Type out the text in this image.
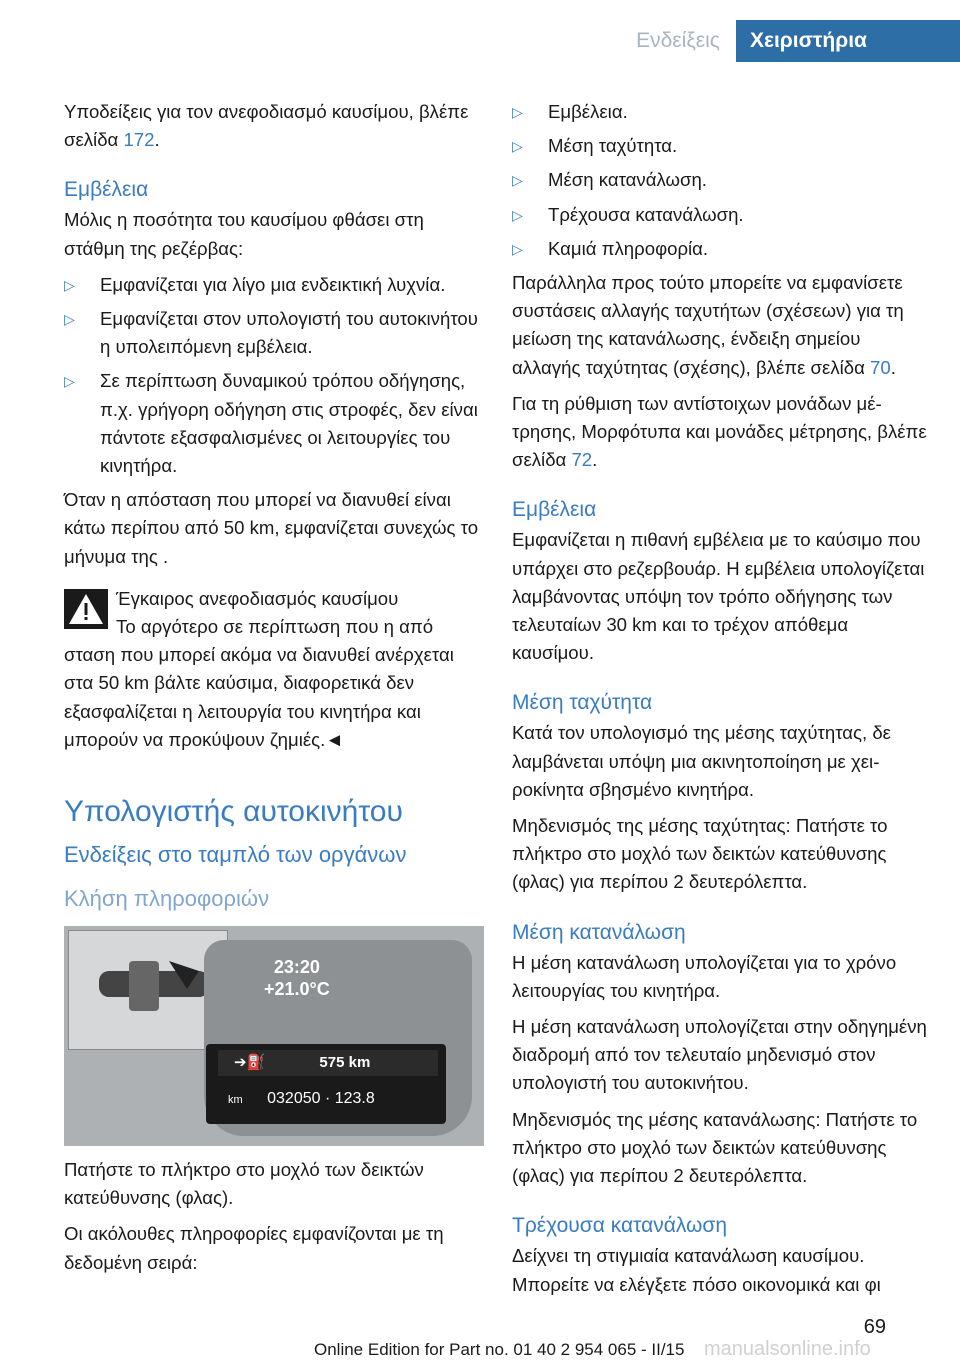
Ενδείξεις	Χειριστήρια

Υποδείξεις για τον ανεφοδιασμό καυσίμου, βλέπε σελίδα 172.

Εμβέλεια

Μόλις η ποσότητα του καυσίμου φθάσει στη στάθμη της ρεζέρβας:

▷ Εμφανίζεται για λίγο μια ενδεικτική λυχνία.
▷ Εμφανίζεται στον υπολογιστή του αυτοκινήτου η υπολειπόμενη εμβέλεια.
▷ Σε περίπτωση δυναμικού τρόπου οδήγησης, π.χ. γρήγορη οδήγηση στις στροφές, δεν είναι πάντοτε εξασφαλισμένες οι λειτουργίες του κινητήρα.

Όταν η απόσταση που μπορεί να διανυθεί είναι κάτω περίπου από 50 km, εμφανίζεται συνεχώς το μήνυμα της .

Έγκαιρος ανεφοδιασμός καυσίμου
Το αργότερο σε περίπτωση που η από
σταση που μπορεί ακόμα να διανυθεί ανέρχεται στα 50 km βάλτε καύσιμα, διαφορετικά δεν εξασφαλίζεται η λειτουργία του κινητήρα και μπορούν να προκύψουν ζημιές.◄
Υπολογιστής αυτοκινήτου
Ενδείξεις στο ταμπλό των οργάνων
Κλήση πληροφοριών
23:20
+21.0°C
➔⛽	575 km
km 032050 · 123.8

Πατήστε το πλήκτρο στο μοχλό των δεικτών κατεύθυνσης (φλας).

Οι ακόλουθες πληροφορίες εμφανίζονται με τη δεδομένη σειρά:

▷ Εμβέλεια.
▷ Μέση ταχύτητα.
▷ Μέση κατανάλωση.
▷ Τρέχουσα κατανάλωση.
▷ Καμιά πληροφορία.

Παράλληλα προς τούτο μπορείτε να εμφανίσετε συστάσεις αλλαγής ταχυτήτων (σχέσεων) για τη μείωση της κατανάλωσης, ένδειξη σημείου αλλαγής ταχύτητας (σχέσης), βλέπε σελίδα 70.

Για τη ρύθμιση των αντίστοιχων μονάδων μέτρησης, Μορφότυπα και μονάδες μέτρησης, βλέπε σελίδα 72.

Εμβέλεια

Εμφανίζεται η πιθανή εμβέλεια με το καύσιμο που υπάρχει στο ρεζερβουάρ. Η εμβέλεια υπολογίζεται λαμβάνοντας υπόψη τον τρόπο οδήγησης των τελευταίων 30 km και το τρέχον απόθεμα καυσίμου.

Μέση ταχύτητα

Κατά τον υπολογισμό της μέσης ταχύτητας, δε λαμβάνεται υπόψη μια ακινητοποίηση με χειροκίνητα σβησμένο κινητήρα.

Μηδενισμός της μέσης ταχύτητας: Πατήστε το πλήκτρο στο μοχλό των δεικτών κατεύθυνσης (φλας) για περίπου 2 δευτερόλεπτα.

Μέση κατανάλωση

Η μέση κατανάλωση υπολογίζεται για το χρόνο λειτουργίας του κινητήρα.

Η μέση κατανάλωση υπολογίζεται στην οδηγημένη διαδρομή από τον τελευταίο μηδενισμό στον υπολογιστή του αυτοκινήτου.

Μηδενισμός της μέσης κατανάλωσης: Πατήστε το πλήκτρο στο μοχλό των δεικτών κατεύθυνσης (φλας) για περίπου 2 δευτερόλεπτα.

Τρέχουσα κατανάλωση

Δείχνει τη στιγμιαία κατανάλωση καυσίμου. Μπορείτε να ελέγξετε πόσο οικονομικά και φι

69
Online Edition for Part no. 01 40 2 954 065 - II/15 manualsonline.info
